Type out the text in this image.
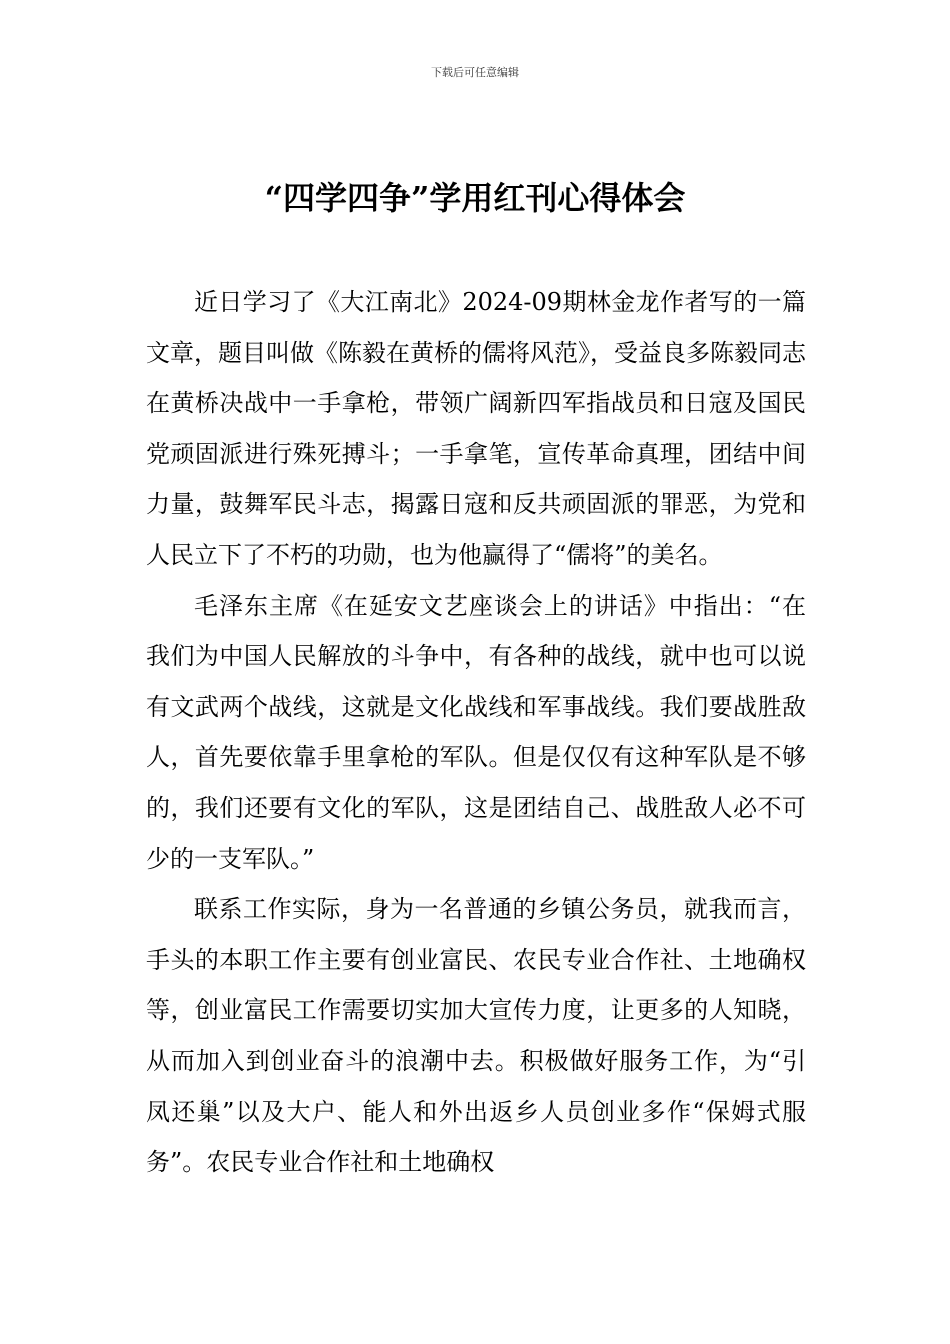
下载后可任意编辑
“四学四争”学用红刊心得体会

近日学习了《大江南北》2024-09期林金龙作者写的一篇文章，题目叫做《陈毅在黄桥的儒将风范》，受益良多陈毅同志在黄桥决战中一手拿枪，带领广阔新四军指战员和日寇及国民党顽固派进行殊死搏斗；一手拿笔，宣传革命真理，团结中间力量，鼓舞军民斗志，揭露日寇和反共顽固派的罪恶，为党和人民立下了不朽的功勋，也为他赢得了“儒将”的美名。

毛泽东主席《在延安文艺座谈会上的讲话》中指出：“在我们为中国人民解放的斗争中，有各种的战线，就中也可以说有文武两个战线，这就是文化战线和军事战线。我们要战胜敌人，首先要依靠手里拿枪的军队。但是仅仅有这种军队是不够的，我们还要有文化的军队，这是团结自己、战胜敌人必不可少的一支军队。”

联系工作实际，身为一名普通的乡镇公务员，就我而言，手头的本职工作主要有创业富民、农民专业合作社、土地确权等，创业富民工作需要切实加大宣传力度，让更多的人知晓，从而加入到创业奋斗的浪潮中去。积极做好服务工作，为“引凤还巢”以及大户、能人和外出返乡人员创业多作“保姆式服务”。农民专业合作社和土地确权
